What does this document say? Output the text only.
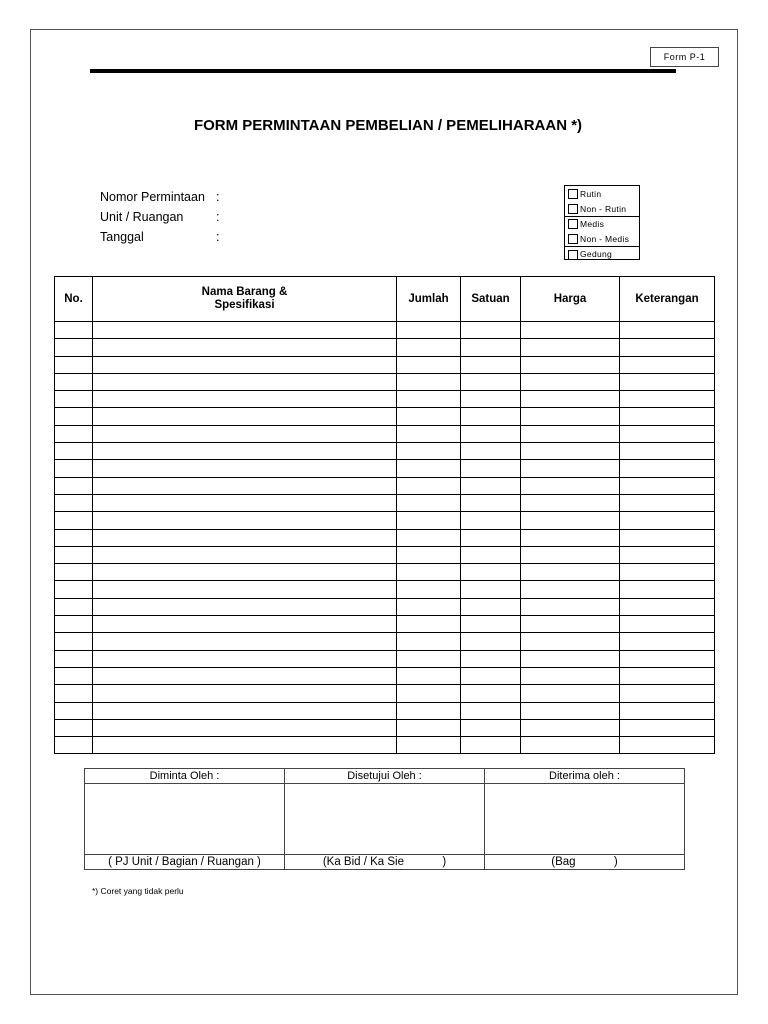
Form P-1
FORM PERMINTAAN PEMBELIAN / PEMELIHARAAN *)
Nomor Permintaan :
Unit / Ruangan	:
Tanggal	:
Rutin
Non - Rutin
Medis
Non - Medis
Gedung
No.	Nama Barang & Spesifikasi	Jumlah	Satuan	Harga	Keterangan

Diminta Oleh :	Disetujui Oleh :	Diterima oleh :

( PJ Unit / Bagian / Ruangan )	(Ka Bid / Ka Sie            )	(Bag            )
*) Coret yang tidak perlu
